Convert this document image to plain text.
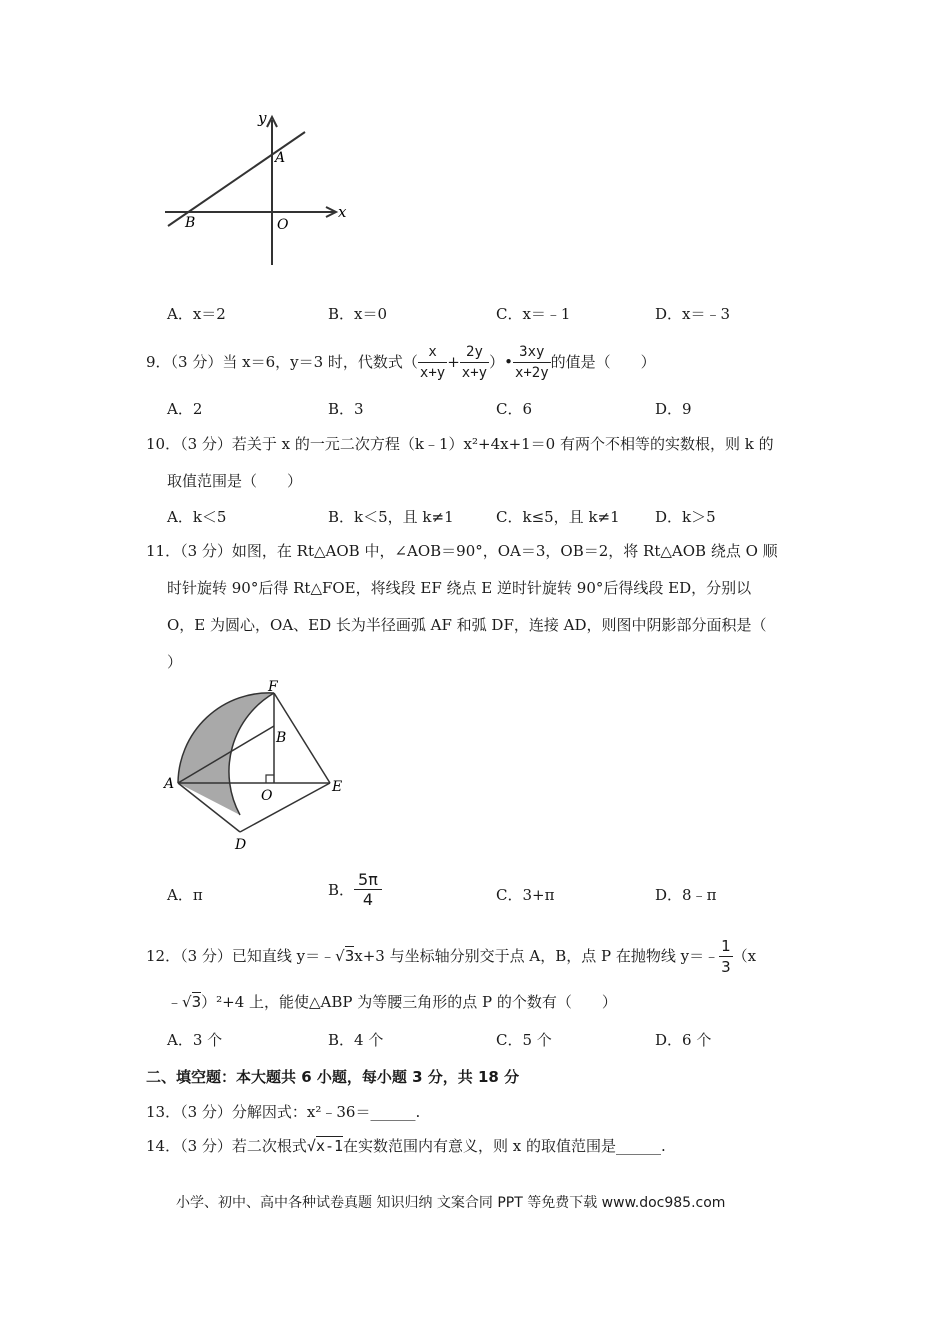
y
x
A
B	O
A．x＝2	B．x＝0	C．x＝﹣1	D．x＝﹣3
9．（3 分）当 x＝6，y＝3 时，代数式（ $\frac{x}{x+y} + \frac{2y}{x+y}$ ）• $\frac{3xy}{x+2y}$ 的值是（　　）
A．2	B．3	C．6	D．9
10．（3 分）若关于 x 的一元二次方程（k﹣1）x²+4x+1＝0 有两个不相等的实数根，则 k 的
取值范围是（　　）
A．k＜5	B．k＜5，且 k≠1	C．k≤5，且 k≠1 D．k＞5
11．（3 分）如图，在 Rt△AOB 中，∠AOB＝90°，OA＝3，OB＝2，将 Rt△AOB 绕点 O 顺
时针旋转 90°后得 Rt△FOE，将线段 EF 绕点 E 逆时针旋转 90°后得线段 ED，分别以
O，E 为圆心，OA、ED 长为半径画弧 AF 和弧 DF，连接 AD，则图中阴影部分面积是（
）
F
B
A
O
E
D
A．π	B． $\frac{5\pi}{4}$	C．3+π	D．8﹣π
12．（3 分）已知直线 y＝﹣ √3 x+3 与坐标轴分别交于点 A，B，点 P 在抛物线 y＝﹣ $\frac{1}{3} (x$
﹣ √3 ）²+4 上，能使△ABP 为等腰三角形的点 P 的个数有（　　）
A．3 个	B．4 个	C．5 个	D．6 个
二、填空题：本大题共 6 小题，每小题 3 分，共 18 分
13．（3 分）分解因式：x²﹣36＝______.
14．（3 分）若二次根式 √x-1 在实数范围内有意义，则 x 的取值范围是______.
小学、初中、高中各种试卷真题 知识归纳 文案合同 PPT 等免费下载 www.doc985.com
